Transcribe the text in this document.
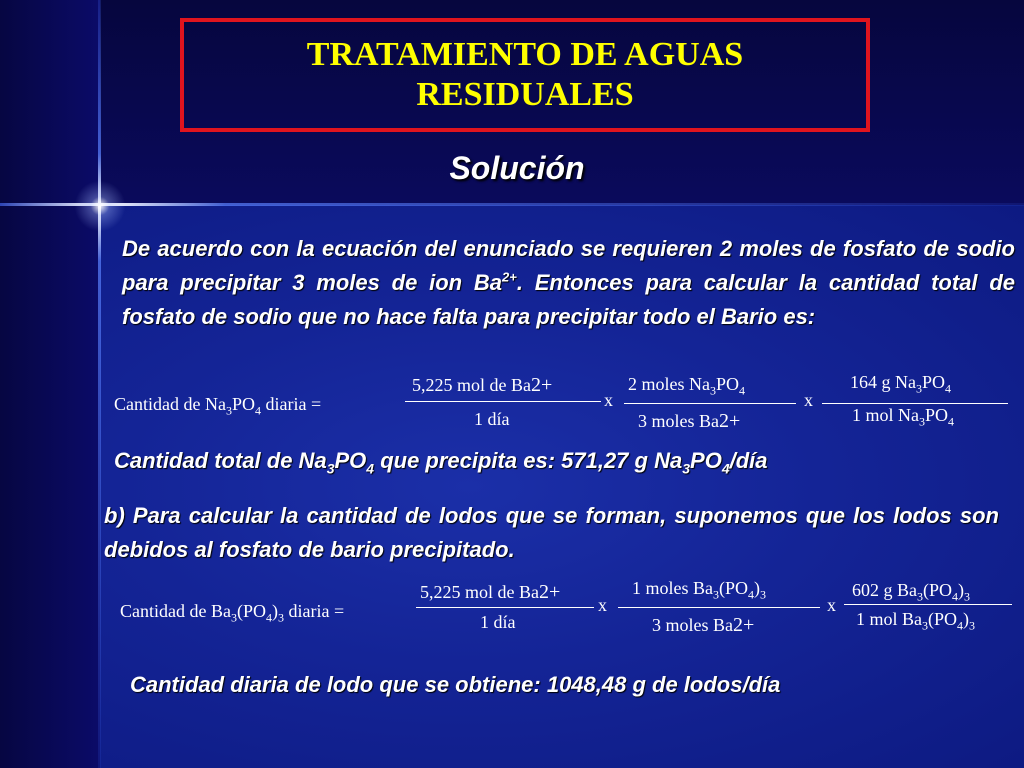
TRATAMIENTO DE AGUAS RESIDUALES
Solución
De acuerdo con la ecuación del enunciado se requieren 2 moles de fosfato de sodio para precipitar 3 moles de ion $Ba^{2+}$. Entonces para calcular la cantidad total de fosfato de sodio que no hace falta para precipitar todo el Bario es:
Cantidad de $Na_3PO_4$ diaria =
5,225 mol de Ba2+
1 día
x
2 moles $Na_3PO_4$
3 moles Ba2+
x
164 g $Na_3PO_4$
1 mol $Na_3PO_4$
Cantidad total de $Na_3PO_4$ que precipita es: 571,27 g $Na_3PO_4$/día
b) Para calcular la cantidad de lodos que se forman, suponemos que los lodos son debidos al fosfato de bario precipitado.
Cantidad de $Ba_3(PO_4)_3$ diaria =
5,225 mol de Ba2+
1 día
x
1 moles $Ba_3(PO_4)_3$
3 moles Ba2+
x
602 g $Ba_3(PO_4)_3$
1 mol $Ba_3(PO_4)_3$
Cantidad diaria de lodo que se obtiene: 1048,48 g de lodos/día
